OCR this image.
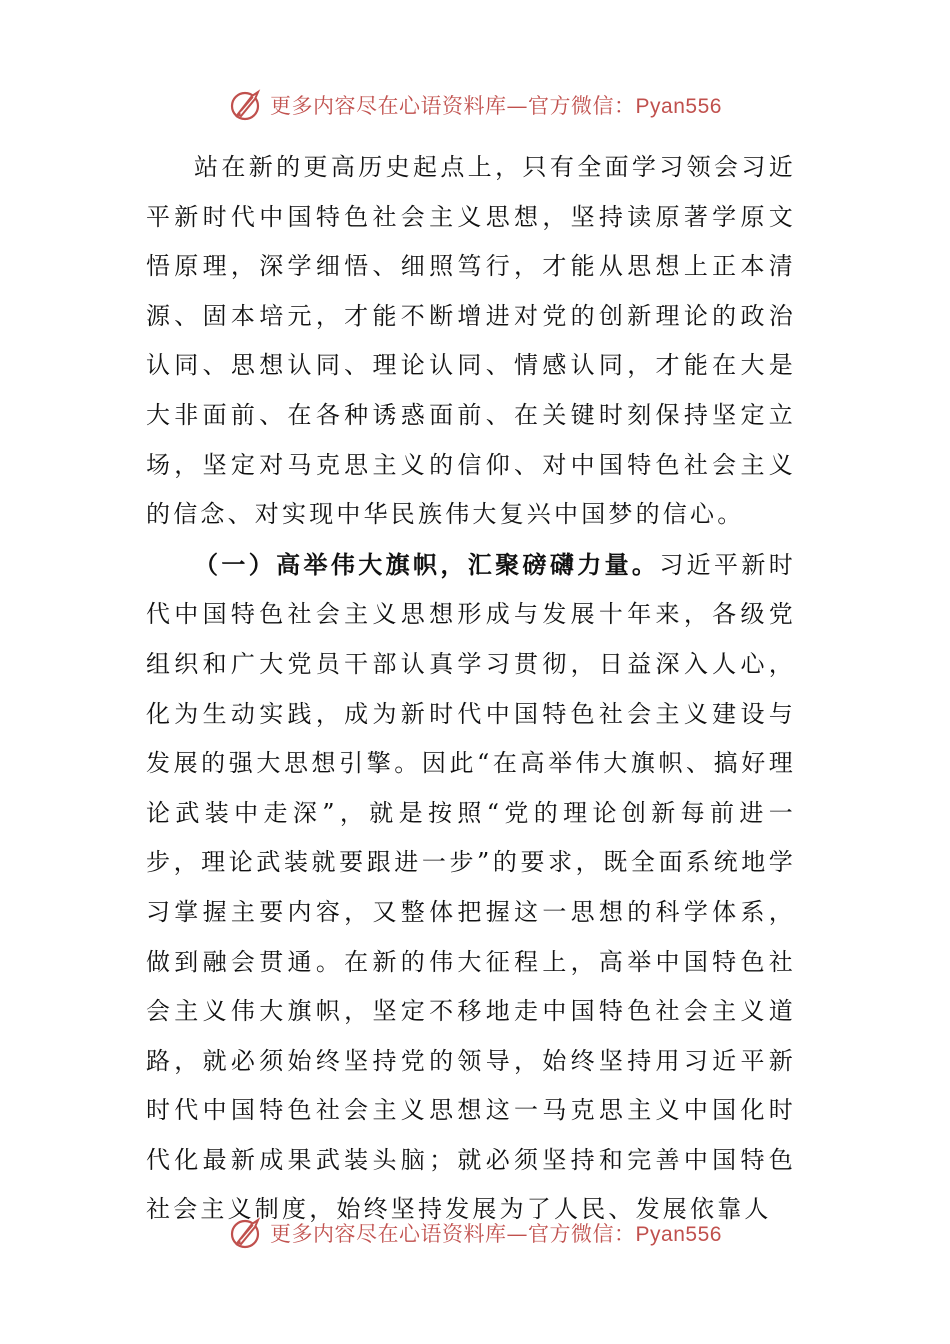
更多内容尽在心语资料库—官方微信：Pyan556

站在新的更高历史起点上，只有全面学习领会习近平新时代中国特色社会主义思想，坚持读原著学原文悟原理，深学细悟、细照笃行，才能从思想上正本清源、固本培元，才能不断增进对党的创新理论的政治认同、思想认同、理论认同、情感认同，才能在大是大非面前、在各种诱惑面前、在关键时刻保持坚定立场，坚定对马克思主义的信仰、对中国特色社会主义的信念、对实现中华民族伟大复兴中国梦的信心。

（一）高举伟大旗帜，汇聚磅礴力量。习近平新时代中国特色社会主义思想形成与发展十年来，各级党组织和广大党员干部认真学习贯彻，日益深入人心，化为生动实践，成为新时代中国特色社会主义建设与发展的强大思想引擎。因此“在高举伟大旗帜、搞好理论武装中走深”，就是按照“党的理论创新每前进一步，理论武装就要跟进一步”的要求，既全面系统地学习掌握主要内容，又整体把握这一思想的科学体系，做到融会贯通。在新的伟大征程上，高举中国特色社会主义伟大旗帜，坚定不移地走中国特色社会主义道路，就必须始终坚持党的领导，始终坚持用习近平新时代中国特色社会主义思想这一马克思主义中国化时代化最新成果武装头脑；就必须坚持和完善中国特色社会主义制度，始终坚持发展为了人民、发展依靠人

更多内容尽在心语资料库—官方微信：Pyan556
